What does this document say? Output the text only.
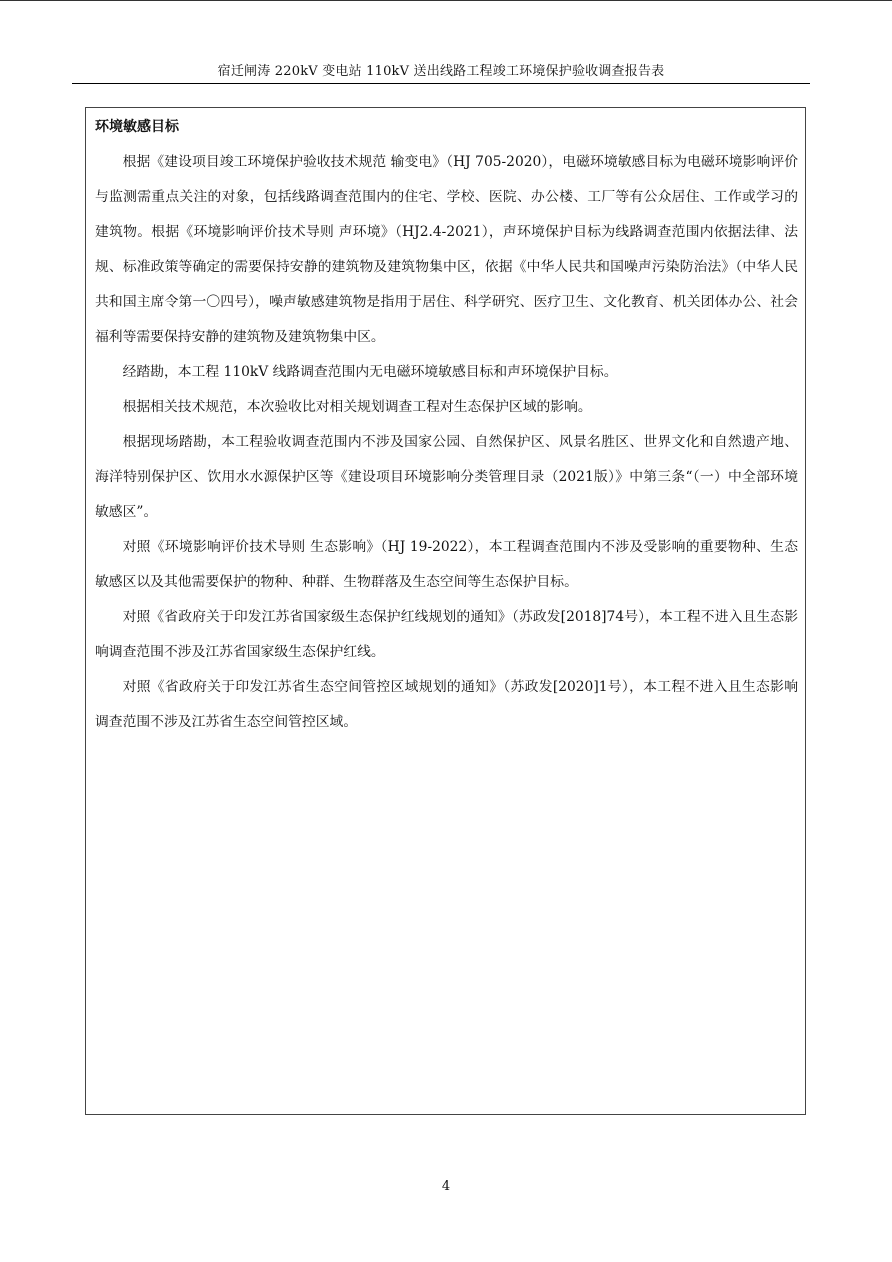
宿迁闸涛 220kV 变电站 110kV 送出线路工程竣工环境保护验收调查报告表
环境敏感目标

根据《建设项目竣工环境保护验收技术规范 输变电》（HJ 705-2020），电磁环境敏感目标为电磁环境影响评价与监测需重点关注的对象，包括线路调查范围内的住宅、学校、医院、办公楼、工厂等有公众居住、工作或学习的建筑物。根据《环境影响评价技术导则 声环境》（HJ2.4-2021），声环境保护目标为线路调查范围内依据法律、法规、标准政策等确定的需要保持安静的建筑物及建筑物集中区，依据《中华人民共和国噪声污染防治法》（中华人民共和国主席令第一〇四号），噪声敏感建筑物是指用于居住、科学研究、医疗卫生、文化教育、机关团体办公、社会福利等需要保持安静的建筑物及建筑物集中区。

经踏勘，本工程 110kV 线路调查范围内无电磁环境敏感目标和声环境保护目标。

根据相关技术规范，本次验收比对相关规划调查工程对生态保护区域的影响。

根据现场踏勘，本工程验收调查范围内不涉及国家公园、自然保护区、风景名胜区、世界文化和自然遗产地、海洋特别保护区、饮用水水源保护区等《建设项目环境影响分类管理目录（2021版）》中第三条“（一）中全部环境敏感区”。

对照《环境影响评价技术导则 生态影响》（HJ 19-2022），本工程调查范围内不涉及受影响的重要物种、生态敏感区以及其他需要保护的物种、种群、生物群落及生态空间等生态保护目标。

对照《省政府关于印发江苏省国家级生态保护红线规划的通知》（苏政发[2018]74号），本工程不进入且生态影响调查范围不涉及江苏省国家级生态保护红线。

对照《省政府关于印发江苏省生态空间管控区域规划的通知》（苏政发[2020]1号），本工程不进入且生态影响调查范围不涉及江苏省生态空间管控区域。

4
